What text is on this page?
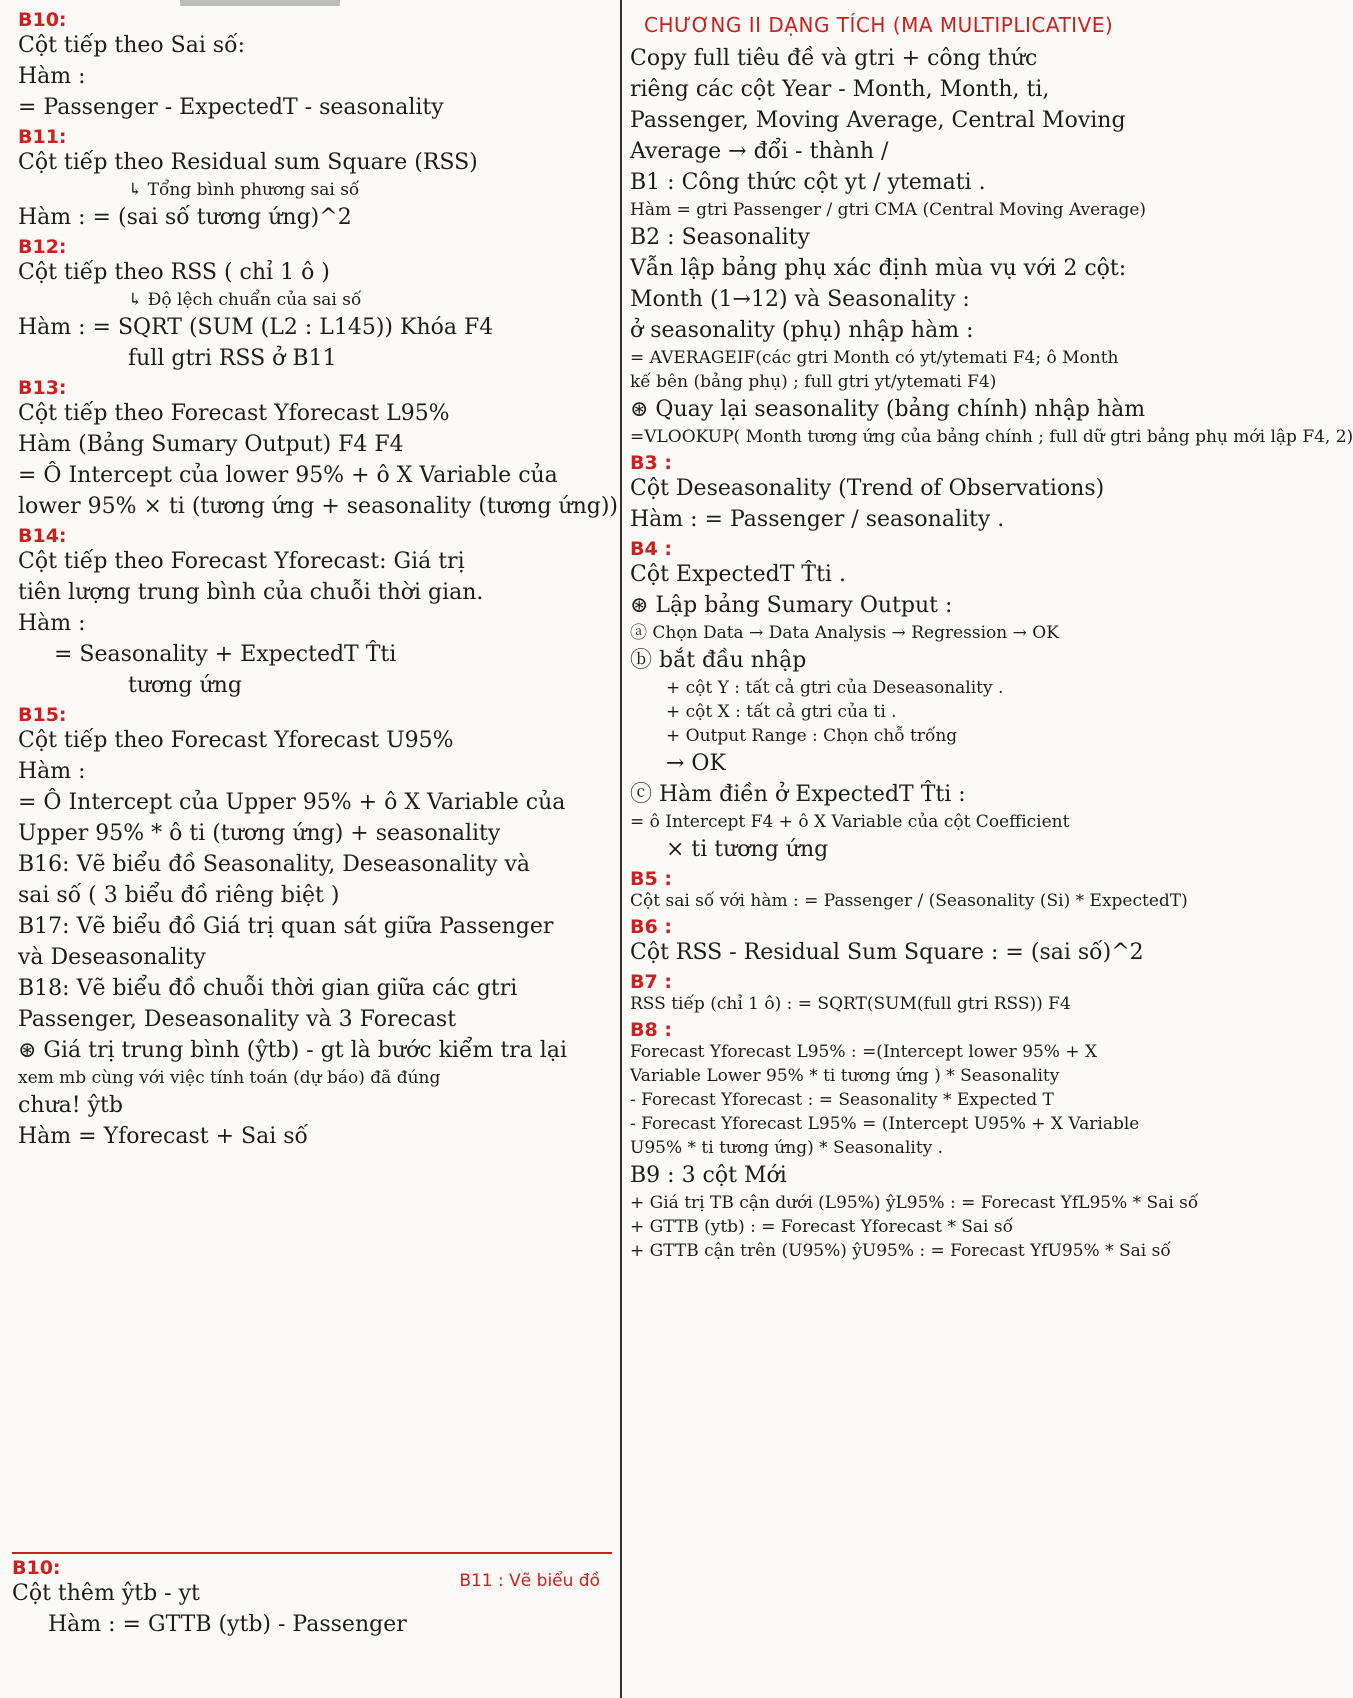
B10:
Cột tiếp theo Sai số:
Hàm :
= Passenger - ExpectedT - seasonality
B11:
Cột tiếp theo Residual sum Square (RSS)
↳ Tổng bình phương sai số
Hàm : = (sai số tương ứng)^2
B12:
Cột tiếp theo RSS ( chỉ 1 ô )
↳ Độ lệch chuẩn của sai số
Hàm : = SQRT (SUM (L2 : L145)) Khóa F4
full gtri RSS ở B11
B13:
Cột tiếp theo Forecast Yforecast L95%
Hàm (Bảng Sumary Output) F4 F4
= Ô Intercept của lower 95% + ô X Variable của
lower 95% × ti (tương ứng + seasonality (tương ứng))
B14:
Cột tiếp theo Forecast Yforecast: Giá trị
tiên lượng trung bình của chuỗi thời gian.
Hàm :
= Seasonality + ExpectedT T̂ti
tương ứng
B15:
Cột tiếp theo Forecast Yforecast U95%
Hàm :
= Ô Intercept của Upper 95% + ô X Variable của
Upper 95% * ô ti (tương ứng) + seasonality
B16: Vẽ biểu đồ Seasonality, Deseasonality và
sai số ( 3 biểu đồ riêng biệt )
B17: Vẽ biểu đồ Giá trị quan sát giữa Passenger
và Deseasonality
B18: Vẽ biểu đồ chuỗi thời gian giữa các gtri
Passenger, Deseasonality và 3 Forecast
⊛ Giá trị trung bình (ŷtb) - gt là bước kiểm tra lại
xem mb cùng với việc tính toán (dự báo) đã đúng
chưa! ŷtb
Hàm = Yforecast + Sai số
B10:
Cột thêm ŷtb - yt
Hàm : = GTTB (ytb) - Passenger
B11 : Vẽ biểu đồ
CHƯƠNG II DẠNG TÍCH (MA MULTIPLICATIVE)
Copy full tiêu đề và gtri + công thức
riêng các cột Year - Month, Month, ti,
Passenger, Moving Average, Central Moving
Average → đổi - thành /
B1 : Công thức cột yt / ytemati .
Hàm = gtri Passenger / gtri CMA (Central Moving Average)
B2 : Seasonality
Vẫn lập bảng phụ xác định mùa vụ với 2 cột:
Month (1→12) và Seasonality :
ở seasonality (phụ) nhập hàm :
= AVERAGEIF(các gtri Month có yt/ytemati F4; ô Month
kế bên (bảng phụ) ; full gtri yt/ytemati F4)
⊛ Quay lại seasonality (bảng chính) nhập hàm
=VLOOKUP( Month tương ứng của bảng chính ; full dữ gtri bảng phụ mới lập F4, 2)
B3 :
Cột Deseasonality (Trend of Observations)
Hàm : = Passenger / seasonality .
B4 :
Cột ExpectedT T̂ti .
⊛ Lập bảng Sumary Output :
ⓐ Chọn Data → Data Analysis → Regression → OK
ⓑ bắt đầu nhập
+ cột Y : tất cả gtri của Deseasonality .
+ cột X : tất cả gtri của ti .
+ Output Range : Chọn chỗ trống
→ OK
ⓒ Hàm điền ở ExpectedT T̂ti :
= ô Intercept F4 + ô X Variable của cột Coefficient
× ti tương ứng
B5 :
Cột sai số với hàm : = Passenger / (Seasonality (Si) * ExpectedT)
B6 :
Cột RSS - Residual Sum Square : = (sai số)^2
B7 :
RSS tiếp (chỉ 1 ô) : = SQRT(SUM(full gtri RSS)) F4
B8 :
Forecast Yforecast L95% : =(Intercept lower 95% + X
Variable Lower 95% * ti tương ứng ) * Seasonality
- Forecast Yforecast : = Seasonality * Expected T
- Forecast Yforecast L95% = (Intercept U95% + X Variable
U95% * ti tương ứng) * Seasonality .
B9 : 3 cột Mới
+ Giá trị TB cận dưới (L95%) ŷL95% : = Forecast YfL95% * Sai số
+ GTTB (ytb) : = Forecast Yforecast * Sai số
+ GTTB cận trên (U95%) ŷU95% : = Forecast YfU95% * Sai số
